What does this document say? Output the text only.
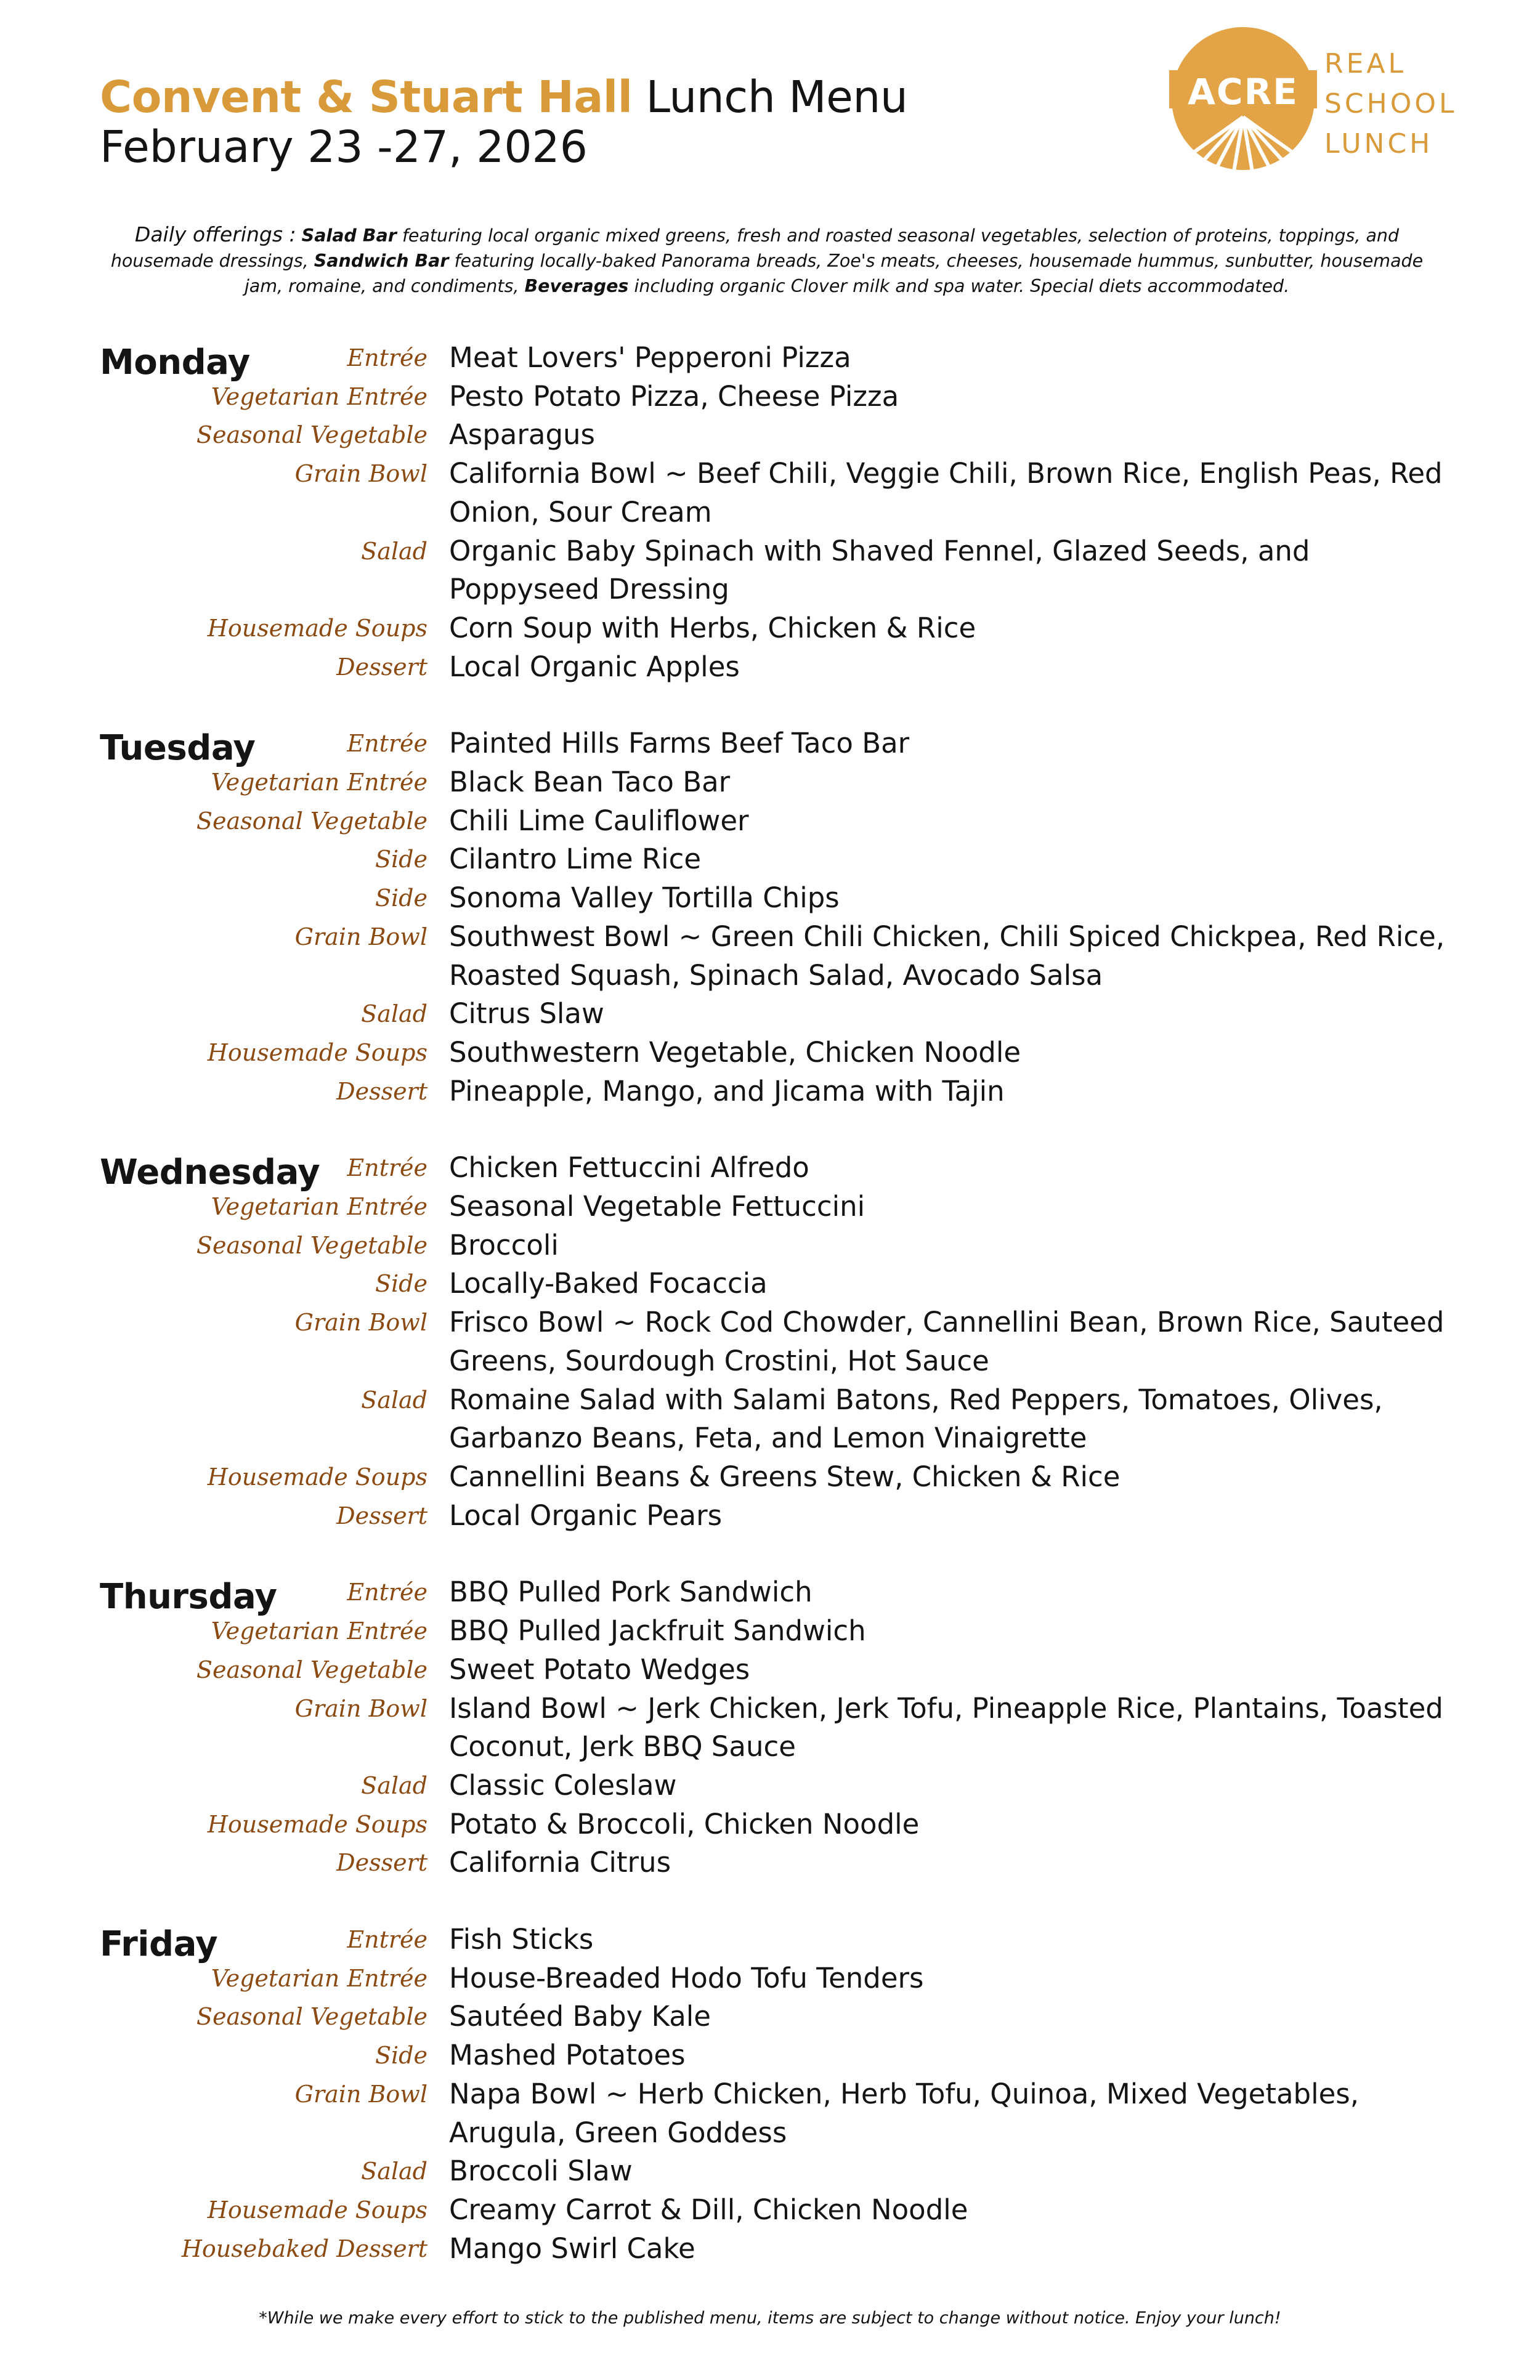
Convent & Stuart Hall Lunch Menu
February 23 -27, 2026
ACRE
REAL
SCHOOL
LUNCH
Daily offerings : Salad Bar featuring local organic mixed greens, fresh and roasted seasonal vegetables, selection of proteins, toppings, and housemade dressings, Sandwich Bar featuring locally-baked Panorama breads, Zoe's meats, cheeses, housemade hummus, sunbutter, housemade jam, romaine, and condiments, Beverages including organic Clover milk and spa water. Special diets accommodated.
Monday	Entrée Meat Lovers' Pepperoni Pizza
Vegetarian Entrée Pesto Potato Pizza, Cheese Pizza
Seasonal Vegetable Asparagus
Grain Bowl California Bowl ~ Beef Chili, Veggie Chili, Brown Rice, English Peas, Red Onion, Sour Cream
Salad Organic Baby Spinach with Shaved Fennel, Glazed Seeds, and Poppyseed Dressing
Housemade Soups Corn Soup with Herbs, Chicken & Rice
Dessert Local Organic Apples
Tuesday	Entrée Painted Hills Farms Beef Taco Bar
Vegetarian Entrée Black Bean Taco Bar
Seasonal Vegetable Chili Lime Cauliflower
Side Cilantro Lime Rice
Side Sonoma Valley Tortilla Chips
Grain Bowl Southwest Bowl ~ Green Chili Chicken, Chili Spiced Chickpea, Red Rice, Roasted Squash, Spinach Salad, Avocado Salsa
Salad Citrus Slaw
Housemade Soups Southwestern Vegetable, Chicken Noodle
Dessert Pineapple, Mango, and Jicama with Tajin
Wednesday	Entrée Chicken Fettuccini Alfredo
Vegetarian Entrée Seasonal Vegetable Fettuccini
Seasonal Vegetable Broccoli
Side Locally-Baked Focaccia
Grain Bowl Frisco Bowl ~ Rock Cod Chowder, Cannellini Bean, Brown Rice, Sauteed Greens, Sourdough Crostini, Hot Sauce
Salad Romaine Salad with Salami Batons, Red Peppers, Tomatoes, Olives, Garbanzo Beans, Feta, and Lemon Vinaigrette
Housemade Soups Cannellini Beans & Greens Stew, Chicken & Rice
Dessert Local Organic Pears
Thursday	Entrée BBQ Pulled Pork Sandwich
Vegetarian Entrée BBQ Pulled Jackfruit Sandwich
Seasonal Vegetable Sweet Potato Wedges
Grain Bowl Island Bowl ~ Jerk Chicken, Jerk Tofu, Pineapple Rice, Plantains, Toasted Coconut, Jerk BBQ Sauce
Salad Classic Coleslaw
Housemade Soups Potato & Broccoli, Chicken Noodle
Dessert California Citrus
Friday	Entrée Fish Sticks
Vegetarian Entrée House-Breaded Hodo Tofu Tenders
Seasonal Vegetable Sautéed Baby Kale
Side Mashed Potatoes
Grain Bowl Napa Bowl ~ Herb Chicken, Herb Tofu, Quinoa, Mixed Vegetables, Arugula, Green Goddess
Salad Broccoli Slaw
Housemade Soups Creamy Carrot & Dill, Chicken Noodle
Housebaked Dessert Mango Swirl Cake
*While we make every effort to stick to the published menu, items are subject to change without notice. Enjoy your lunch!
